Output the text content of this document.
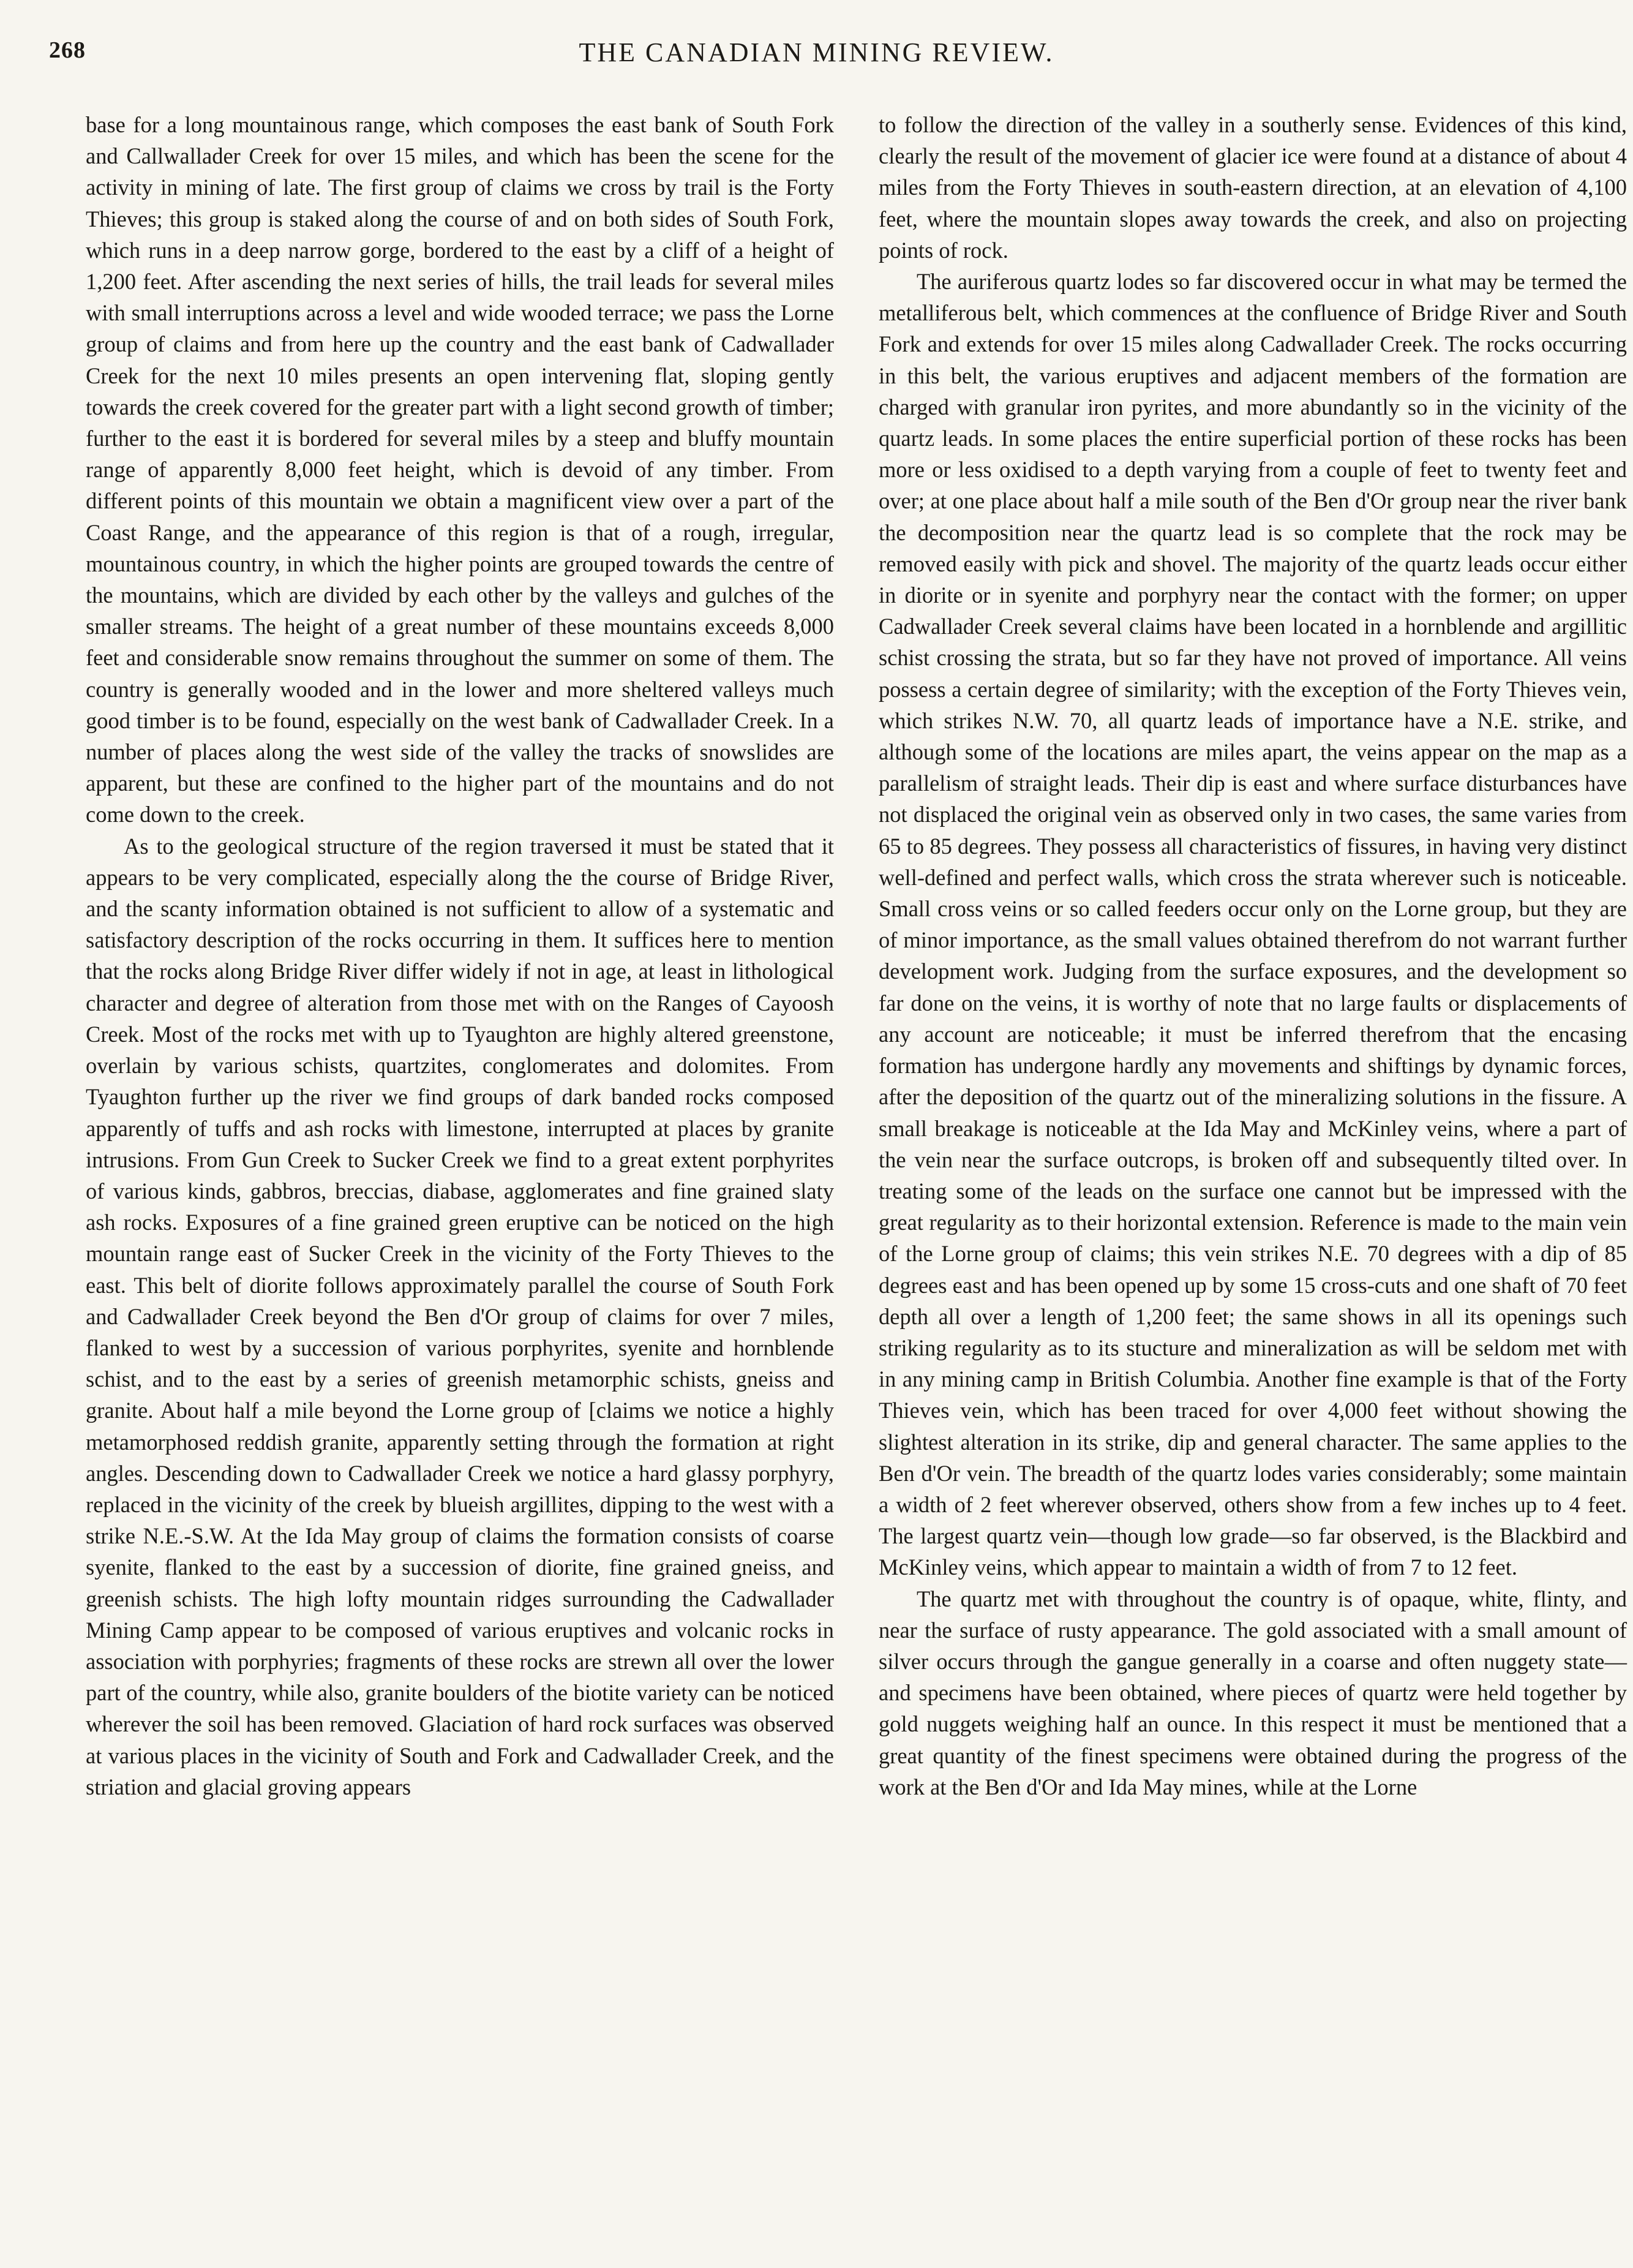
268	THE CANADIAN MINING REVIEW.

base for a long mountainous range, which composes the east bank of South Fork and Callwallader Creek for over 15 miles, and which has been the scene for the activity in mining of late. The first group of claims we cross by trail is the Forty Thieves; this group is staked along the course of and on both sides of South Fork, which runs in a deep narrow gorge, bordered to the east by a cliff of a height of 1,200 feet. After ascending the next series of hills, the trail leads for several miles with small interruptions across a level and wide wooded terrace; we pass the Lorne group of claims and from here up the country and the east bank of Cadwallader Creek for the next 10 miles presents an open intervening flat, sloping gently towards the creek covered for the greater part with a light second growth of timber; further to the east it is bordered for several miles by a steep and bluffy mountain range of apparently 8,000 feet height, which is devoid of any timber. From different points of this mountain we obtain a magnificent view over a part of the Coast Range, and the appearance of this region is that of a rough, irregular, mountainous country, in which the higher points are grouped towards the centre of the mountains, which are divided by each other by the valleys and gulches of the smaller streams. The height of a great number of these mountains exceeds 8,000 feet and considerable snow remains throughout the summer on some of them. The country is generally wooded and in the lower and more sheltered valleys much good timber is to be found, especially on the west bank of Cadwallader Creek. In a number of places along the west side of the valley the tracks of snowslides are apparent, but these are confined to the higher part of the mountains and do not come down to the creek.

As to the geological structure of the region traversed it must be stated that it appears to be very complicated, especially along the the course of Bridge River, and the scanty information obtained is not sufficient to allow of a systematic and satisfactory description of the rocks occurring in them. It suffices here to mention that the rocks along Bridge River differ widely if not in age, at least in lithological character and degree of alteration from those met with on the Ranges of Cayoosh Creek. Most of the rocks met with up to Tyaughton are highly altered greenstone, overlain by various schists, quartzites, conglomerates and dolomites. From Tyaughton further up the river we find groups of dark banded rocks composed apparently of tuffs and ash rocks with limestone, interrupted at places by granite intrusions. From Gun Creek to Sucker Creek we find to a great extent porphyrites of various kinds, gabbros, breccias, diabase, agglomerates and fine grained slaty ash rocks. Exposures of a fine grained green eruptive can be noticed on the high mountain range east of Sucker Creek in the vicinity of the Forty Thieves to the east. This belt of diorite follows approximately parallel the course of South Fork and Cadwallader Creek beyond the Ben d'Or group of claims for over 7 miles, flanked to west by a succession of various porphyrites, syenite and hornblende schist, and to the east by a series of greenish metamorphic schists, gneiss and granite. About half a mile beyond the Lorne group of [claims we notice a highly metamorphosed reddish granite, apparently setting through the formation at right angles. Descending down to Cadwallader Creek we notice a hard glassy porphyry, replaced in the vicinity of the creek by blueish argillites, dipping to the west with a strike N.E.-S.W. At the Ida May group of claims the formation consists of coarse syenite, flanked to the east by a succession of diorite, fine grained gneiss, and greenish schists. The high lofty mountain ridges surrounding the Cadwallader Mining Camp appear to be composed of various eruptives and volcanic rocks in association with porphyries; fragments of these rocks are strewn all over the lower part of the country, while also, granite boulders of the biotite variety can be noticed wherever the soil has been removed. Glaciation of hard rock surfaces was observed at various places in the vicinity of South and Fork and Cadwallader Creek, and the striation and glacial groving appears

to follow the direction of the valley in a southerly sense. Evidences of this kind, clearly the result of the movement of glacier ice were found at a distance of about 4 miles from the Forty Thieves in south-eastern direction, at an elevation of 4,100 feet, where the mountain slopes away towards the creek, and also on projecting points of rock.

The auriferous quartz lodes so far discovered occur in what may be termed the metalliferous belt, which commences at the confluence of Bridge River and South Fork and extends for over 15 miles along Cadwallader Creek. The rocks occurring in this belt, the various eruptives and adjacent members of the formation are charged with granular iron pyrites, and more abundantly so in the vicinity of the quartz leads. In some places the entire superficial portion of these rocks has been more or less oxidised to a depth varying from a couple of feet to twenty feet and over; at one place about half a mile south of the Ben d'Or group near the river bank the decomposition near the quartz lead is so complete that the rock may be removed easily with pick and shovel. The majority of the quartz leads occur either in diorite or in syenite and porphyry near the contact with the former; on upper Cadwallader Creek several claims have been located in a hornblende and argillitic schist crossing the strata, but so far they have not proved of importance. All veins possess a certain degree of similarity; with the exception of the Forty Thieves vein, which strikes N.W. 70, all quartz leads of importance have a N.E. strike, and although some of the locations are miles apart, the veins appear on the map as a parallelism of straight leads. Their dip is east and where surface disturbances have not displaced the original vein as observed only in two cases, the same varies from 65 to 85 degrees. They possess all characteristics of fissures, in having very distinct well-defined and perfect walls, which cross the strata wherever such is noticeable. Small cross veins or so called feeders occur only on the Lorne group, but they are of minor importance, as the small values obtained therefrom do not warrant further development work. Judging from the surface exposures, and the development so far done on the veins, it is worthy of note that no large faults or displacements of any account are noticeable; it must be inferred therefrom that the encasing formation has undergone hardly any movements and shiftings by dynamic forces, after the deposition of the quartz out of the mineralizing solutions in the fissure. A small breakage is noticeable at the Ida May and McKinley veins, where a part of the vein near the surface outcrops, is broken off and subsequently tilted over. In treating some of the leads on the surface one cannot but be impressed with the great regularity as to their horizontal extension. Reference is made to the main vein of the Lorne group of claims; this vein strikes N.E. 70 degrees with a dip of 85 degrees east and has been opened up by some 15 cross-cuts and one shaft of 70 feet depth all over a length of 1,200 feet; the same shows in all its openings such striking regularity as to its stucture and mineralization as will be seldom met with in any mining camp in British Columbia. Another fine example is that of the Forty Thieves vein, which has been traced for over 4,000 feet without showing the slightest alteration in its strike, dip and general character. The same applies to the Ben d'Or vein. The breadth of the quartz lodes varies considerably; some maintain a width of 2 feet wherever observed, others show from a few inches up to 4 feet. The largest quartz vein—though low grade—so far observed, is the Blackbird and McKinley veins, which appear to maintain a width of from 7 to 12 feet.

The quartz met with throughout the country is of opaque, white, flinty, and near the surface of rusty appearance. The gold associated with a small amount of silver occurs through the gangue generally in a coarse and often nuggety state—and specimens have been obtained, where pieces of quartz were held together by gold nuggets weighing half an ounce. In this respect it must be mentioned that a great quantity of the finest specimens were obtained during the progress of the work at the Ben d'Or and Ida May mines, while at the Lorne
